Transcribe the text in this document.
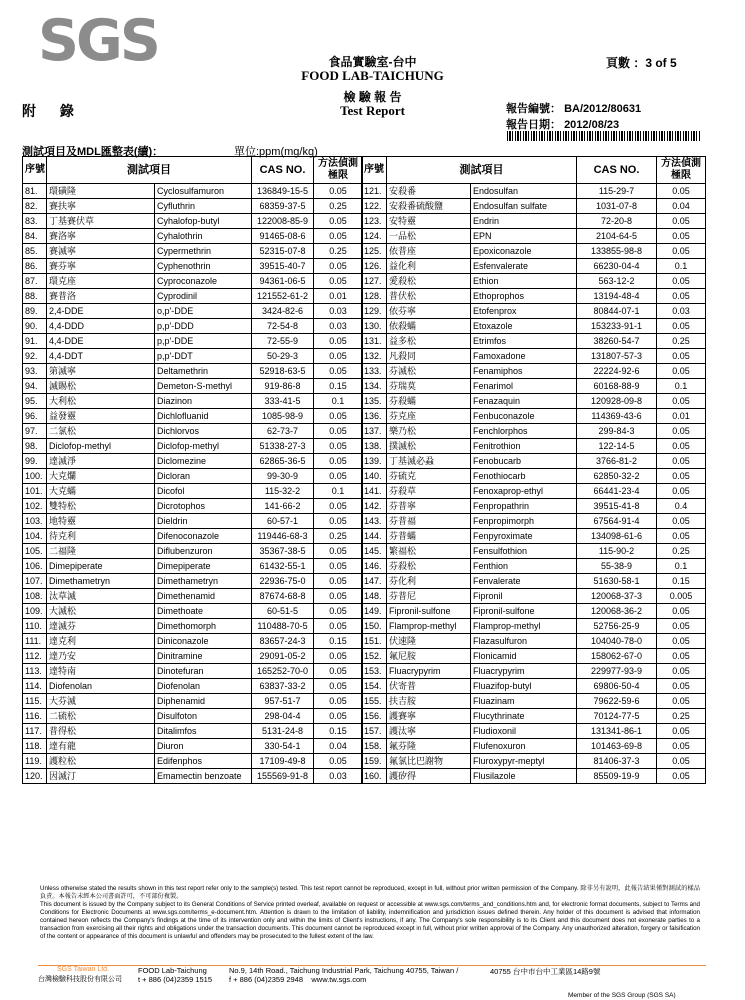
SGS	食品實驗室-台中
FOOD LAB-TAICHUNG
檢 驗 報 告
Test Report
頁數 ：3 of 5
附 錄	報告編號： BA/2012/80631
報告日期： 2012/08/23
測試項目及MDL匯整表(續)：	單位:ppm(mg/kg)
序號	測試項目		CAS NO.	方法偵測極限
81.	環磺隆	Cyclosulfamuron	136849-15-5	0.05
82.	賽扶寧	Cyfluthrin	68359-37-5	0.25
83.	丁基賽伏草	Cyhalofop-butyl	122008-85-9	0.05
84.	賽洛寧	Cyhalothrin	91465-08-6	0.05
85.	賽滅寧	Cypermethrin	52315-07-8	0.25
86.	賽芬寧	Cyphenothrin	39515-40-7	0.05
87.	環克座	Cyproconazole	94361-06-5	0.05
88.	賽普洛	Cyprodinil	121552-61-2	0.01
89.	2,4-DDE	o,p'-DDE	3424-82-6	0.03
90.	4,4-DDD	p,p'-DDD	72-54-8	0.03
91.	4,4-DDE	p,p'-DDE	72-55-9	0.05
92.	4,4-DDT	p,p'-DDT	50-29-3	0.05
93.	第滅寧	Deltamethrin	52918-63-5	0.05
94.	滅賜松	Demeton-S-methyl	919-86-8	0.15
95.	大利松	Diazinon	333-41-5	0.1
96.	益發靈	Dichlofluanid	1085-98-9	0.05
97.	二氯松	Dichlorvos	62-73-7	0.05
98.	Diclofop-methyl	Diclofop-methyl	51338-27-3	0.05
99.	達滅淨	Diclomezine	62865-36-5	0.05
100.	大克爛	Dicloran	99-30-9	0.05
101.	大克蟎	Dicofol	115-32-2	0.1
102.	雙特松	Dicrotophos	141-66-2	0.05
103.	地特靈	Dieldrin	60-57-1	0.05
104.	待克利	Difenoconazole	119446-68-3	0.25
105.	二福隆	Diflubenzuron	35367-38-5	0.05
106.	Dimepiperate	Dimepiperate	61432-55-1	0.05
107.	Dimethametryn	Dimethametryn	22936-75-0	0.05
108.	汰草滅	Dimethenamid	87674-68-8	0.05
109.	大滅松	Dimethoate	60-51-5	0.05
110.	達滅芬	Dimethomorph	110488-70-5	0.05
111.	達克利	Diniconazole	83657-24-3	0.15
112.	達乃安	Dinitramine	29091-05-2	0.05
113.	達特南	Dinotefuran	165252-70-0	0.05
114.	Diofenolan	Diofenolan	63837-33-2	0.05
115.	大芬滅	Diphenamid	957-51-7	0.05
116.	二硫松	Disulfoton	298-04-4	0.05
117.	普得松	Ditalimfos	5131-24-8	0.15
118.	達有龍	Diuron	330-54-1	0.04
119.	護粒松	Edifenphos	17109-49-8	0.05
120.	因滅汀	Emamectin benzoate	155569-91-8	0.03
序號	測試項目		CAS NO.	方法偵測極限
121.	安殺番	Endosulfan	115-29-7	0.05
122.	安殺番硫酸鹽	Endosulfan sulfate	1031-07-8	0.04
123.	安特靈	Endrin	72-20-8	0.05
124.	一品松	EPN	2104-64-5	0.05
125.	依普座	Epoxiconazole	133855-98-8	0.05
126.	益化利	Esfenvalerate	66230-04-4	0.1
127.	愛殺松	Ethion	563-12-2	0.05
128.	普伏松	Ethoprophos	13194-48-4	0.05
129.	依芬寧	Etofenprox	80844-07-1	0.03
130.	依殺蟎	Etoxazole	153233-91-1	0.05
131.	益多松	Etrimfos	38260-54-7	0.25
132.	凡殺同	Famoxadone	131807-57-3	0.05
133.	芬滅松	Fenamiphos	22224-92-6	0.05
134.	芬瑞莫	Fenarimol	60168-88-9	0.1
135.	芬殺蟎	Fenazaquin	120928-09-8	0.05
136.	芬克座	Fenbuconazole	114369-43-6	0.01
137.	樂乃松	Fenchlorphos	299-84-3	0.05
138.	撲滅松	Fenitrothion	122-14-5	0.05
139.	丁基滅必蝨	Fenobucarb	3766-81-2	0.05
140.	芬硫克	Fenothiocarb	62850-32-2	0.05
141.	芬殺草	Fenoxaprop-ethyl	66441-23-4	0.05
142.	芬普寧	Fenpropathrin	39515-41-8	0.4
143.	芬普福	Fenpropimorph	67564-91-4	0.05
144.	芬普蟎	Fenpyroximate	134098-61-6	0.05
145.	繁福松	Fensulfothion	115-90-2	0.25
146.	芬殺松	Fenthion	55-38-9	0.1
147.	芬化利	Fenvalerate	51630-58-1	0.15
148.	芬普尼	Fipronil	120068-37-3	0.005
149.	Fipronil-sulfone	Fipronil-sulfone	120068-36-2	0.05
150.	Flamprop-methyl	Flamprop-methyl	52756-25-9	0.05
151.	伏速隆	Flazasulfuron	104040-78-0	0.05
152.	氟尼胺	Flonicamid	158062-67-0	0.05
153.	Fluacrypyrim	Fluacrypyrim	229977-93-9	0.05
154.	伏寄普	Fluazifop-butyl	69806-50-4	0.05
155.	扶吉胺	Fluazinam	79622-59-6	0.05
156.	護賽寧	Flucythrinate	70124-77-5	0.25
157.	護汰寧	Fludioxonil	131341-86-1	0.05
158.	氟芬隆	Flufenoxuron	101463-69-8	0.05
159.	氟氯比巴謝物	Fluroxypyr-meptyl	81406-37-3	0.05
160.	護矽得	Flusilazole	85509-19-9	0.05
Unless otherwise stated the results shown in this test report refer only to the sample(s) tested. This test report cannot be reproduced, except in full, without prior written permission of the Company. 除非另有說明，此報告結果僅對測試的樣品負責。本報告未經本公司書面許可，不可部份複製。
This document is issued by the Company subject to its General Conditions of Service printed overleaf, available on request or accessible at www.sgs.com/terms_and_conditions.htm and, for electronic format documents, subject to Terms and Conditions for Electronic Documents at www.sgs.com/terms_e-document.htm. Attention is drawn to the limitation of liability, indemnification and jurisdiction issues defined therein. Any holder of this document is advised that information contained hereon reflects the Company's findings at the time of its intervention only and within the limits of Client's instructions, if any. The Company's sole responsibility is to its Client and this document does not exonerate parties to a transaction from exercising all their rights and obligations under the transaction documents. This document cannot be reproduced except in full, without prior written approval of the Company. Any unauthorized alteration, forgery or falsification of the content or appearance of this document is unlawful and offenders may be prosecuted to the fullest extent of the law.
SGS Taiwan Ltd.
台灣檢驗科技股份有限公司
FOOD Lab-Taichung
t + 886 (04)2359 1515
No.9, 14th Road., Taichung Industrial Park, Taichung 40755, Taiwan /
f + 886 (04)2359 2948 www.tw.sgs.com
40755 台中市台中工業區14路9號
Member of the SGS Group (SGS SA)
